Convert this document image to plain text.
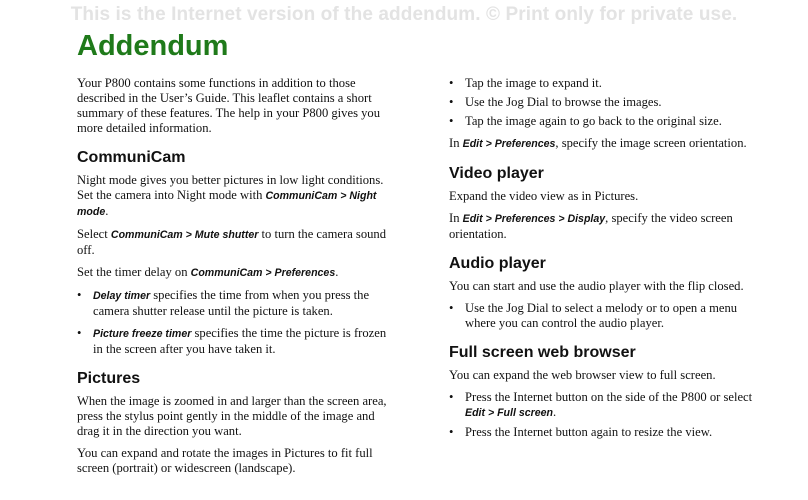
This is the Internet version of the addendum. © Print only for private use.
Addendum

Your P800 contains some functions in addition to those described in the User’s Guide. This leaflet contains a short summary of these features. The help in your P800 gives you more detailed information.

CommuniCam

Night mode gives you better pictures in low light conditions. Set the camera into Night mode with CommuniCam > Night mode.

Select CommuniCam > Mute shutter to turn the camera sound off.

Set the timer delay on CommuniCam > Preferences.

• Delay timer specifies the time from when you press the camera shutter release until the picture is taken.
• Picture freeze timer specifies the time the picture is frozen in the screen after you have taken it.
Pictures

When the image is zoomed in and larger than the screen area, press the stylus point gently in the middle of the image and drag it in the direction you want.

You can expand and rotate the images in Pictures to fit full screen (portrait) or widescreen (landscape).

• Tap the image to expand it.
• Use the Jog Dial to browse the images.
• Tap the image again to go back to the original size.

In Edit > Preferences, specify the image screen orientation.

Video player

Expand the video view as in Pictures.

In Edit > Preferences > Display, specify the video screen orientation.

Audio player

You can start and use the audio player with the flip closed.

• Use the Jog Dial to select a melody or to open a menu where you can control the audio player.
Full screen web browser

You can expand the web browser view to full screen.

• Press the Internet button on the side of the P800 or select Edit > Full screen.
• Press the Internet button again to resize the view.
